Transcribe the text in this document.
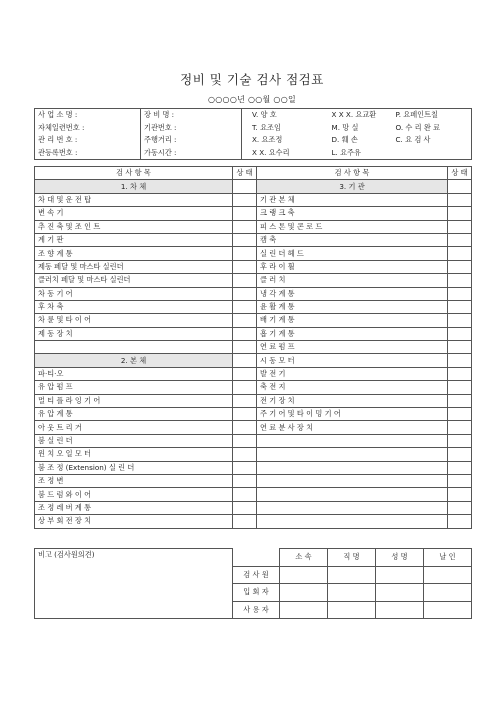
정비 및 기술 검사 점검표
○○○○년 ○○월 ○○일
사 업 소 명 :	장 비 명 :	V. 양 호	X X X. 요교환	P. 요페인트칠
자체일련번호 :	기관번호 :	T. 요조임	M. 망 실	O. 수 리 완 료
관 리 번 호 :	주행거리 :	X. 요조정	D. 훼 손	C. 요 검 사
관등록번호 :	가동시간 :	X X. 요수리	L. 요주유	
검 사 항 목	상 태	검 사 항 목	상 태
1. 차 체		3. 기 관	
차 대 및 운 전 탑		기 관 본 체	
변 속 기		크 랭 크 축	
추 진 축 및 조 인 트		피 스 톤 및 콘 로 드	
계 기 판		캠 축	
조 향 계 통		실 린 더 헤 드	
제동 페달 및 마스타 실린더		후 라 이 휠	
클러치 페달 및 마스타 실린더		클 러 치	
차 동 기 어		냉 각 계 통	
후 차 축		윤 활 계 통	
차 륜 및 타 이 어		배 기 계 통	
제 동 장 치		흡 기 계 통	
		연 료 펌 프	
2. 본 체		시 동 모 터	
파·티·오		발 전 기	
유 압 펌 프		축 전 지	
멀 티 플 라 잉 기 어		전 기 장 치	
유 압 계 통		주 기 어 및 타 이 밍 기 어	
아 웃 트 리 거		연 료 분 사 장 치	
붐 실 린 더			
윈 치 오 일 모 터			
붐 조 정 (Extension) 실 린 더			
조 정 변			
붐 드 럼 와 이 어			
조 정 레 버 계 통			
상 부 회 전 장 치			
비고 (검사원의견)		소 속	직 명	성 명	날 인
	검 사 원				
	입 회 자				
	사 용 자				
